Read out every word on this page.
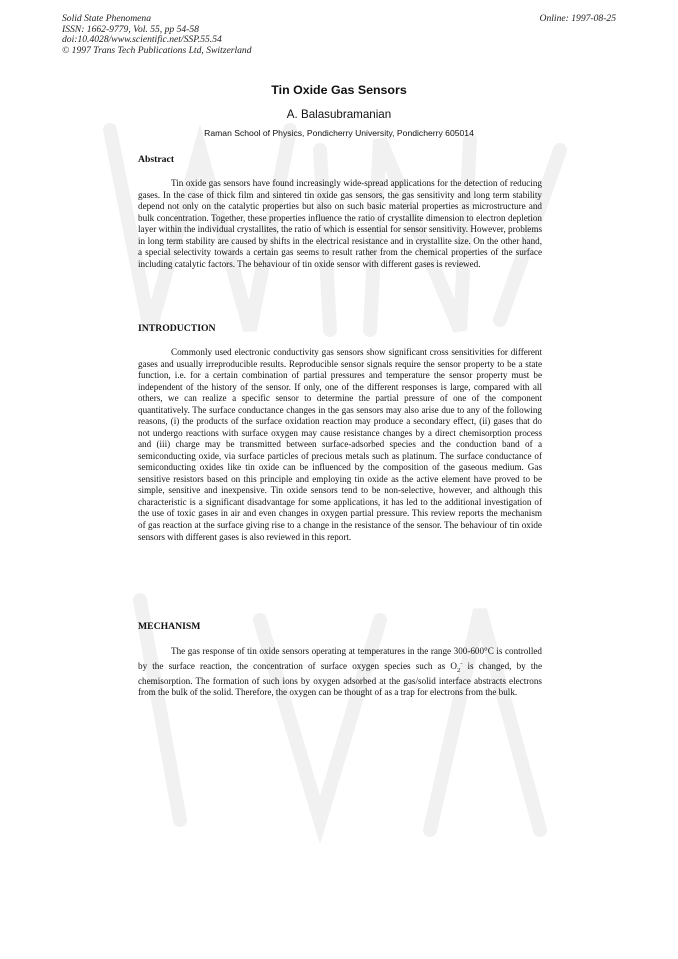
Solid State Phenomena
ISSN: 1662-9779, Vol. 55, pp 54-58
doi:10.4028/www.scientific.net/SSP.55.54
© 1997 Trans Tech Publications Ltd, Switzerland
Online: 1997-08-25
Tin Oxide Gas Sensors
A. Balasubramanian
Raman School of Physics, Pondicherry University, Pondicherry 605014
Abstract

Tin oxide gas sensors have found increasingly wide-spread applications for the detection of reducing gases. In the case of thick film and sintered tin oxide gas sensors, the gas sensitivity and long term stability depend not only on the catalytic properties but also on such basic material properties as microstructure and bulk concentration. Together, these properties influence the ratio of crystallite dimension to electron depletion layer within the individual crystallites, the ratio of which is essential for sensor sensitivity. However, problems in long term stability are caused by shifts in the electrical resistance and in crystallite size. On the other hand, a special selectivity towards a certain gas seems to result rather from the chemical properties of the surface including catalytic factors. The behaviour of tin oxide sensor with different gases is reviewed.

INTRODUCTION

Commonly used electronic conductivity gas sensors show significant cross sensitivities for different gases and usually irreproducible results. Reproducible sensor signals require the sensor property to be a state function, i.e. for a certain combination of partial pressures and temperature the sensor property must be independent of the history of the sensor. If only, one of the different responses is large, compared with all others, we can realize a specific sensor to determine the partial pressure of one of the component quantitatively. The surface conductance changes in the gas sensors may also arise due to any of the following reasons, (i) the products of the surface oxidation reaction may produce a secondary effect, (ii) gases that do not undergo reactions with surface oxygen may cause resistance changes by a direct chemisorption process and (iii) charge may be transmitted between surface-adsorbed species and the conduction band of a semiconducting oxide, via surface particles of precious metals such as platinum. The surface conductance of semiconducting oxides like tin oxide can be influenced by the composition of the gaseous medium. Gas sensitive resistors based on this principle and employing tin oxide as the active element have proved to be simple, sensitive and inexpensive. Tin oxide sensors tend to be non-selective, however, and although this characteristic is a significant disadvantage for some applications, it has led to the additional investigation of the use of toxic gases in air and even changes in oxygen partial pressure. This review reports the mechanism of gas reaction at the surface giving rise to a change in the resistance of the sensor. The behaviour of tin oxide sensors with different gases is also reviewed in this report.

MECHANISM

The gas response of tin oxide sensors operating at temperatures in the range 300-600°C is controlled by the surface reaction, the concentration of surface oxygen species such as $O_2^-$ is changed, by the chemisorption. The formation of such ions by oxygen adsorbed at the gas/solid interface abstracts electrons from the bulk of the solid. Therefore, the oxygen can be thought of as a trap for electrons from the bulk.
